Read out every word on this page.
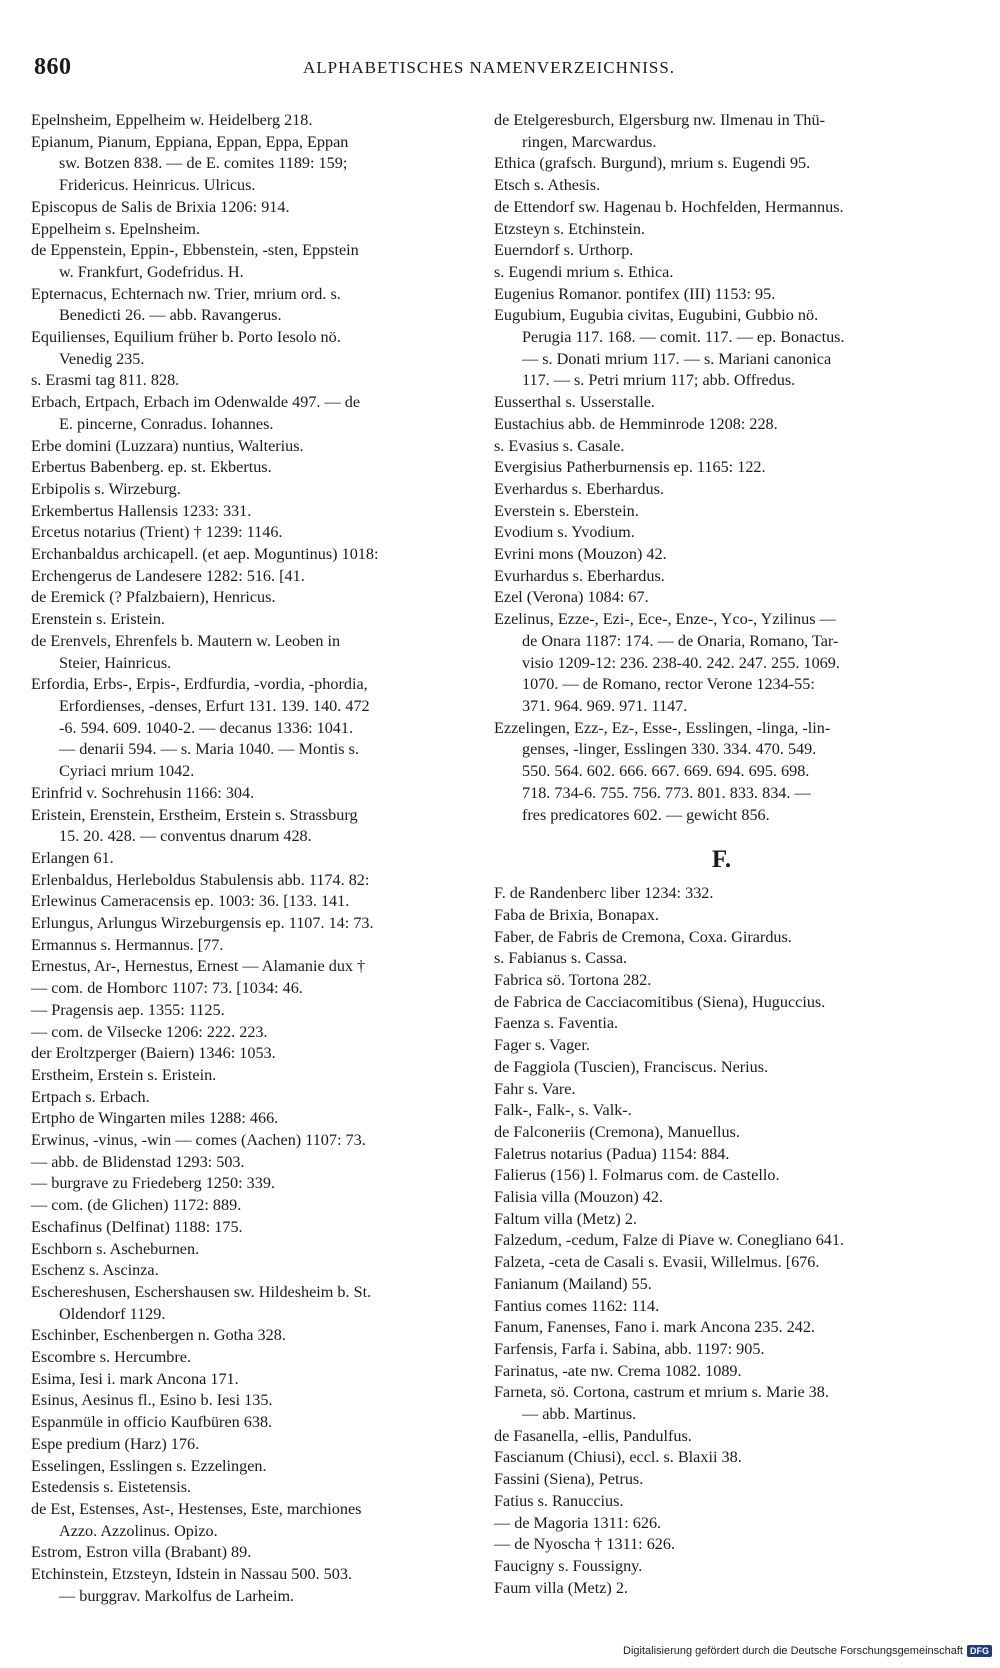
860	ALPHABETISCHES NAMENVERZEICHNISS.
Epelnsheim, Eppelheim w. Heidelberg 218.
Epianum, Pianum, Eppiana, Eppan, Eppa, Eppan
sw. Botzen 838. — de E. comites 1189: 159;
Fridericus. Heinricus. Ulricus.
Episcopus de Salis de Brixia 1206: 914.
Eppelheim s. Epelnsheim.
de Eppenstein, Eppin-, Ebbenstein, -sten, Eppstein
w. Frankfurt, Godefridus. H.
Epternacus, Echternach nw. Trier, mrium ord. s.
Benedicti 26. — abb. Ravangerus.
Equilienses, Equilium früher b. Porto Iesolo nö.
Venedig 235.
s. Erasmi tag 811. 828.
Erbach, Ertpach, Erbach im Odenwalde 497. — de
E. pincerne, Conradus. Iohannes.
Erbe domini (Luzzara) nuntius, Walterius.
Erbertus Babenberg. ep. st. Ekbertus.
Erbipolis s. Wirzeburg.
Erkembertus Hallensis 1233: 331.
Ercetus notarius (Trient) † 1239: 1146.
Erchanbaldus archicapell. (et aep. Moguntinus) 1018:
Erchengerus de Landesere 1282: 516. [41.
de Eremick (? Pfalzbaiern), Henricus.
Erenstein s. Eristein.
de Erenvels, Ehrenfels b. Mautern w. Leoben in
Steier, Hainricus.
Erfordia, Erbs-, Erpis-, Erdfurdia, -vordia, -phordia,
Erfordienses, -denses, Erfurt 131. 139. 140. 472
-6. 594. 609. 1040-2. — decanus 1336: 1041.
— denarii 594. — s. Maria 1040. — Montis s.
Cyriaci mrium 1042.
Erinfrid v. Sochrehusin 1166: 304.
Eristein, Erenstein, Erstheim, Erstein s. Strassburg
15. 20. 428. — conventus dnarum 428.
Erlangen 61.
Erlenbaldus, Herleboldus Stabulensis abb. 1174. 82:
Erlewinus Cameracensis ep. 1003: 36. [133. 141.
Erlungus, Arlungus Wirzeburgensis ep. 1107. 14: 73.
Ermannus s. Hermannus. [77.
Ernestus, Ar-, Hernestus, Ernest — Alamanie dux †
— com. de Homborc 1107: 73. [1034: 46.
— Pragensis aep. 1355: 1125.
— com. de Vilsecke 1206: 222. 223.
der Eroltzperger (Baiern) 1346: 1053.
Erstheim, Erstein s. Eristein.
Ertpach s. Erbach.
Ertpho de Wingarten miles 1288: 466.
Erwinus, -vinus, -win — comes (Aachen) 1107: 73.
— abb. de Blidenstad 1293: 503.
— burgrave zu Friedeberg 1250: 339.
— com. (de Glichen) 1172: 889.
Eschafinus (Delfinat) 1188: 175.
Eschborn s. Ascheburnen.
Eschenz s. Ascinza.
Eschereshusen, Eschershausen sw. Hildesheim b. St.
Oldendorf 1129.
Eschinber, Eschenbergen n. Gotha 328.
Escombre s. Hercumbre.
Esima, Iesi i. mark Ancona 171.
Esinus, Aesinus fl., Esino b. Iesi 135.
Espanmüle in officio Kaufbüren 638.
Espe predium (Harz) 176.
Esselingen, Esslingen s. Ezzelingen.
Estedensis s. Eistetensis.
de Est, Estenses, Ast-, Hestenses, Este, marchiones
Azzo. Azzolinus. Opizo.
Estrom, Estron villa (Brabant) 89.
Etchinstein, Etzsteyn, Idstein in Nassau 500. 503.
— burggrav. Markolfus de Larheim.
de Etelgeresburch, Elgersburg nw. Ilmenau in Thü-
ringen, Marcwardus.
Ethica (grafsch. Burgund), mrium s. Eugendi 95.
Etsch s. Athesis.
de Ettendorf sw. Hagenau b. Hochfelden, Hermannus.
Etzsteyn s. Etchinstein.
Euerndorf s. Urthorp.
s. Eugendi mrium s. Ethica.
Eugenius Romanor. pontifex (III) 1153: 95.
Eugubium, Eugubia civitas, Eugubini, Gubbio nö.
Perugia 117. 168. — comit. 117. — ep. Bonactus.
— s. Donati mrium 117. — s. Mariani canonica
117. — s. Petri mrium 117; abb. Offredus.
Eusserthal s. Usserstalle.
Eustachius abb. de Hemminrode 1208: 228.
s. Evasius s. Casale.
Evergisius Patherburnensis ep. 1165: 122.
Everhardus s. Eberhardus.
Everstein s. Eberstein.
Evodium s. Yvodium.
Evrini mons (Mouzon) 42.
Evurhardus s. Eberhardus.
Ezel (Verona) 1084: 67.
Ezelinus, Ezze-, Ezi-, Ece-, Enze-, Yco-, Yzilinus —
de Onara 1187: 174. — de Onaria, Romano, Tar-
visio 1209-12: 236. 238-40. 242. 247. 255. 1069.
1070. — de Romano, rector Verone 1234-55:
371. 964. 969. 971. 1147.
Ezzelingen, Ezz-, Ez-, Esse-, Esslingen, -linga, -lin-
genses, -linger, Esslingen 330. 334. 470. 549.
550. 564. 602. 666. 667. 669. 694. 695. 698.
718. 734-6. 755. 756. 773. 801. 833. 834. —
fres predicatores 602. — gewicht 856.
F.
F. de Randenberc liber 1234: 332.
Faba de Brixia, Bonapax.
Faber, de Fabris de Cremona, Coxa. Girardus.
s. Fabianus s. Cassa.
Fabrica sö. Tortona 282.
de Fabrica de Cacciacomitibus (Siena), Huguccius.
Faenza s. Faventia.
Fager s. Vager.
de Faggiola (Tuscien), Franciscus. Nerius.
Fahr s. Vare.
Falk-, Falk-, s. Valk-.
de Falconeriis (Cremona), Manuellus.
Faletrus notarius (Padua) 1154: 884.
Falierus (156) l. Folmarus com. de Castello.
Falisia villa (Mouzon) 42.
Faltum villa (Metz) 2.
Falzedum, -cedum, Falze di Piave w. Conegliano 641.
Falzeta, -ceta de Casali s. Evasii, Willelmus. [676.
Fanianum (Mailand) 55.
Fantius comes 1162: 114.
Fanum, Fanenses, Fano i. mark Ancona 235. 242.
Farfensis, Farfa i. Sabina, abb. 1197: 905.
Farinatus, -ate nw. Crema 1082. 1089.
Farneta, sö. Cortona, castrum et mrium s. Marie 38.
— abb. Martinus.
de Fasanella, -ellis, Pandulfus.
Fascianum (Chiusi), eccl. s. Blaxii 38.
Fassini (Siena), Petrus.
Fatius s. Ranuccius.
— de Magoria 1311: 626.
— de Nyoscha † 1311: 626.
Faucigny s. Foussigny.
Faum villa (Metz) 2.
Digitalisierung gefördert durch die Deutsche Forschungsgemeinschaft DFG
